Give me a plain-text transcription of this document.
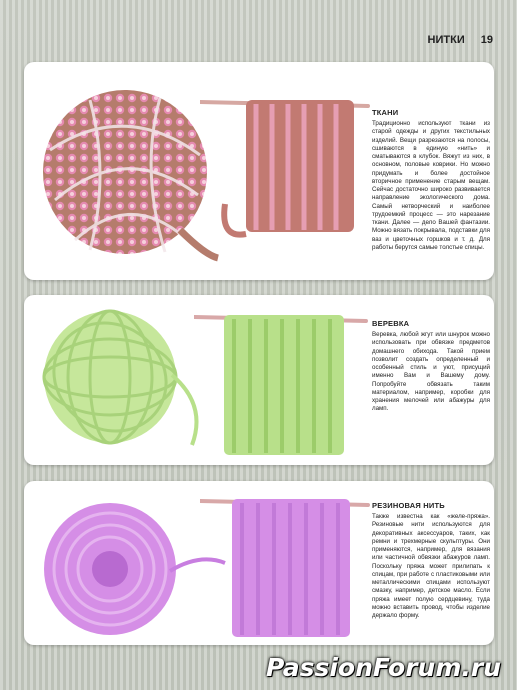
НИТКИ 19
ТКАНИ
Традиционно используют ткани из старой одежды и других текстильных изделий. Вещи разрезаются на полосы, сшиваются в единую «нить» и сматываются в клубок. Вяжут из них, в основном, половые коврики. Но можно придумать и более достойное вторичное применение старым вещам. Сейчас достаточно широко развивается направление экологического дома. Самый нетворческий и наиболее трудоемкий процесс — это нарезание ткани. Далее — дело Вашей фантазии. Можно вязать покрывала, подставки для ваз и цветочных горшков и т. д. Для работы берутся самые толстые спицы.
ВЕРЕВКА
Веревка, любой жгут или шнурок можно использовать при обвязке предметов домашнего обихода. Такой прием позволит создать определенный и особенный стиль и уют, присущий именно Вам и Вашему дому. Попробуйте обвязать таким материалом, например, коробки для хранения мелочей или абажуры для ламп.
РЕЗИНОВАЯ НИТЬ
Также известна как «желе-пряжа». Резиновые нити используются для декоративных аксессуаров, таких, как ремни и трехмерные скульптуры. Они применяются, например, для вязания или частичной обвязки абажуров ламп. Поскольку пряжа может прилипать к спицам, при работе с пластиковыми или металлическими спицами используют смазку, например, детское масло. Если пряжа имеет полую сердцевину, туда можно вставить провод, чтобы изделие держало форму.
PassionForum.ru
